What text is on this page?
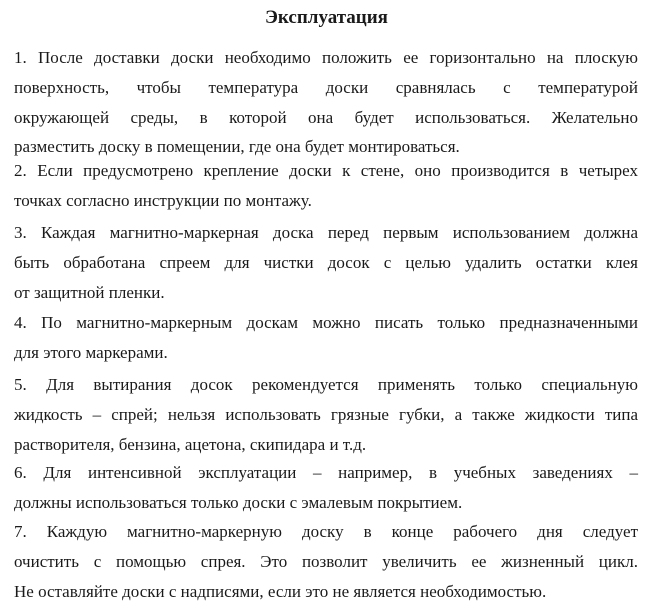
Эксплуатация

1. После доставки доски необходимо положить ее горизонтально на плоскую
поверхность, чтобы температура доски сравнялась с температурой
окружающей среды, в которой она будет использоваться. Желательно
разместить доску в помещении, где она будет монтироваться.

2. Если предусмотрено крепление доски к стене, оно производится в четырех
точках согласно инструкции по монтажу.

3. Каждая магнитно-маркерная доска перед первым использованием должна
быть обработана спреем для чистки досок с целью удалить остатки клея
от защитной пленки.

4. По магнитно-маркерным доскам можно писать только предназначенными
для этого маркерами.

5. Для вытирания досок рекомендуется применять только специальную
жидкость – спрей; нельзя использовать грязные губки, а также жидкости типа
растворителя, бензина, ацетона, скипидара и т.д.

6. Для интенсивной эксплуатации – например, в учебных заведениях –
должны использоваться только доски с эмалевым покрытием.

7. Каждую магнитно-маркерную доску в конце рабочего дня следует
очистить с помощью спрея. Это позволит увеличить ее жизненный цикл.
Не оставляйте доски с надписями, если это не является необходимостью.
